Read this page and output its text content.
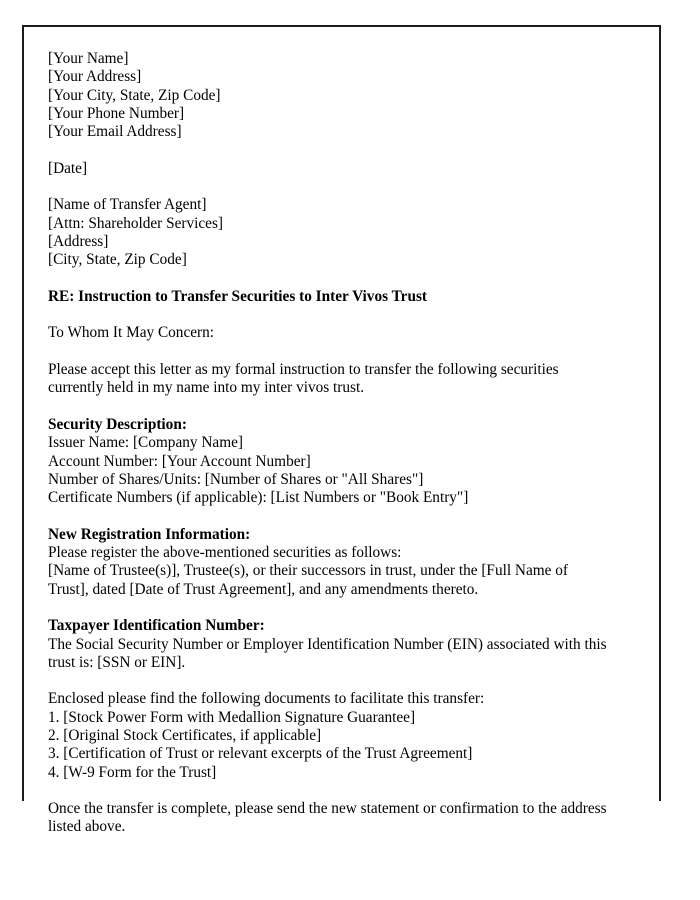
[Your Name]
[Your Address]
[Your City, State, Zip Code]
[Your Phone Number]
[Your Email Address]
[Date]
[Name of Transfer Agent]
[Attn: Shareholder Services]
[Address]
[City, State, Zip Code]
RE: Instruction to Transfer Securities to Inter Vivos Trust
To Whom It May Concern:
Please accept this letter as my formal instruction to transfer the following securities currently held in my name into my inter vivos trust.
Security Description:
Issuer Name: [Company Name]
Account Number: [Your Account Number]
Number of Shares/Units: [Number of Shares or "All Shares"]
Certificate Numbers (if applicable): [List Numbers or "Book Entry"]
New Registration Information:
Please register the above-mentioned securities as follows:
[Name of Trustee(s)], Trustee(s), or their successors in trust, under the [Full Name of Trust], dated [Date of Trust Agreement], and any amendments thereto.
Taxpayer Identification Number:
The Social Security Number or Employer Identification Number (EIN) associated with this trust is: [SSN or EIN].
Enclosed please find the following documents to facilitate this transfer:
1. [Stock Power Form with Medallion Signature Guarantee]
2. [Original Stock Certificates, if applicable]
3. [Certification of Trust or relevant excerpts of the Trust Agreement]
4. [W-9 Form for the Trust]
Once the transfer is complete, please send the new statement or confirmation to the address listed above.
